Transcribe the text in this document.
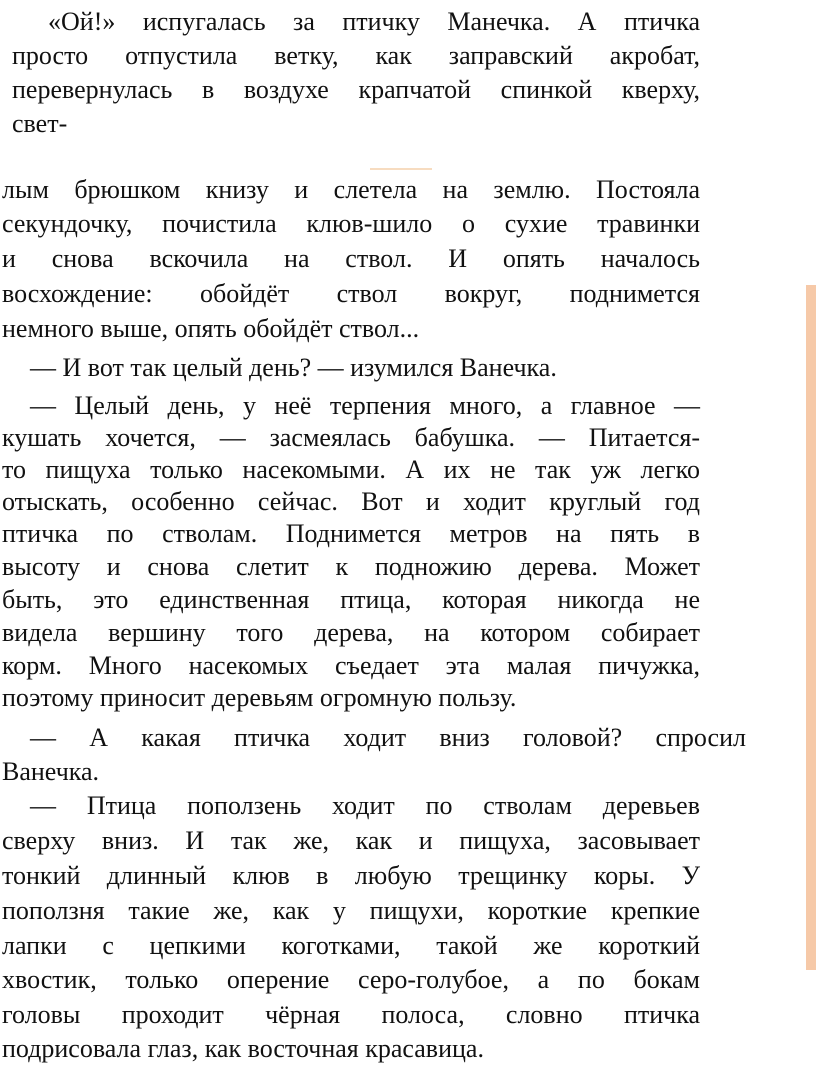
«Ой!» испугалась за птичку Манечка. А птичка
просто отпустила ветку, как заправский акробат,
перевернулась в воздухе крапчатой спинкой кверху,
свет-
лым брюшком книзу и слетела на землю. Постояла
секундочку, почистила клюв-шило о сухие травинки
и снова вскочила на ствол. И опять началось
восхождение: обойдёт ствол вокруг, поднимется
немного выше, опять обойдёт ствол...
— И вот так целый день? — изумился Ванечка.
— Целый день, у неё терпения много, а главное —
кушать хочется, — засмеялась бабушка. — Питается-
то пищуха только насекомыми. А их не так уж легко
отыскать, особенно сейчас. Вот и ходит круглый год
птичка по стволам. Поднимется метров на пять в
высоту и снова слетит к подножию дерева. Может
быть, это единственная птица, которая никогда не
видела вершину того дерева, на котором собирает
корм. Много насекомых съедает эта малая пичужка,
поэтому приносит деревьям огромную пользу.
— А какая птичка ходит вниз головой? спросил
Ванечка.
— Птица поползень ходит по стволам деревьев
сверху вниз. И так же, как и пищуха, засовывает
тонкий длинный клюв в любую трещинку коры. У
поползня такие же, как у пищухи, короткие крепкие
лапки с цепкими коготками, такой же короткий
хвостик, только оперение серо-голубое, а по бокам
головы проходит чёрная полоса, словно птичка
подрисовала глаз, как восточная красавица.
